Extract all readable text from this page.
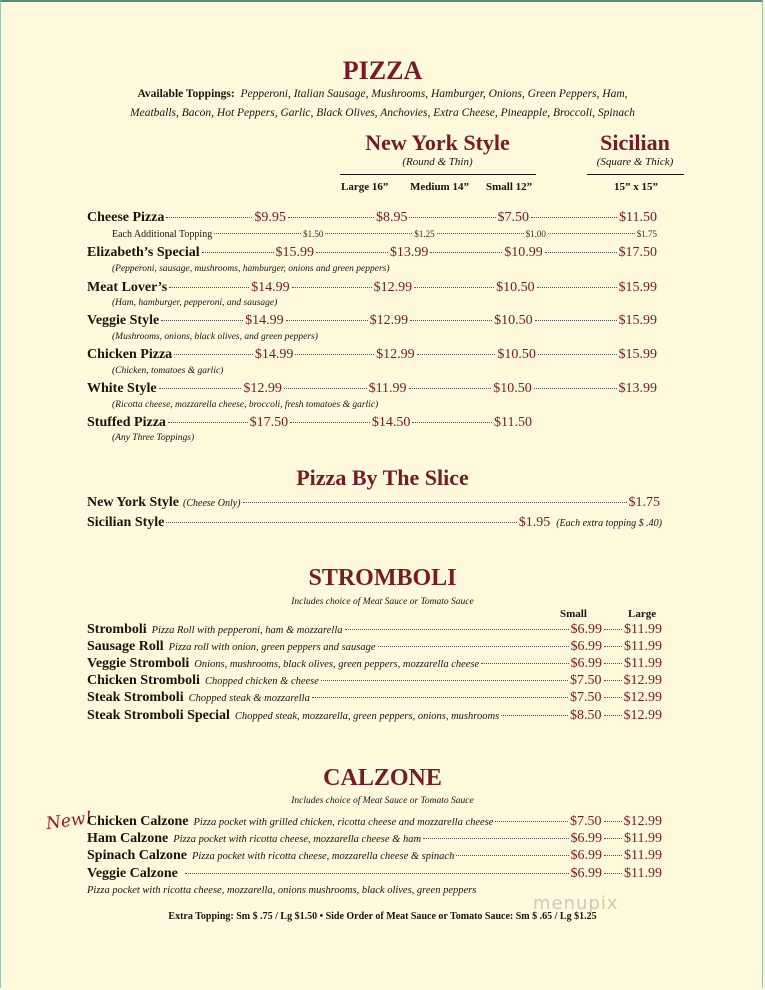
PIZZA
Available Toppings: Pepperoni, Italian Sausage, Mushrooms, Hamburger, Onions, Green Peppers, Ham,
Meatballs, Bacon, Hot Peppers, Garlic, Black Olives, Anchovies, Extra Cheese, Pineapple, Broccoli, Spinach
New York Style
(Round & Thin)
Sicilian
(Square & Thick)
Large 16” Medium 14” Small 12”	15” x 15”
Cheese Pizza	$9.95	$8.95	$7.50	$11.50
Each Additional Topping	$1.50	$1.25	$1.00	$1.75
Elizabeth’s Special	$15.99	$13.99	$10.99	$17.50
(Pepperoni, sausage, mushrooms, hamburger, onions and green peppers)
Meat Lover’s	$14.99	$12.99	$10.50	$15.99
(Ham, hamburger, pepperoni, and sausage)
Veggie Style	$14.99	$12.99	$10.50	$15.99
(Mushrooms, onions, black olives, and green peppers)
Chicken Pizza	$14.99	$12.99	$10.50	$15.99
(Chicken, tomatoes & garlic)
White Style	$12.99	$11.99	$10.50	$13.99
(Ricotta cheese, mozzarella cheese, broccoli, fresh tomatoes & garlic)
Stuffed Pizza	$17.50	$14.50	$11.50
(Any Three Toppings)
Pizza By The Slice
New York Style (Cheese Only)	$1.75
Sicilian Style	$1.95 (Each extra topping $ .40)
STROMBOLI
Includes choice of Meat Sauce or Tomato Sauce
Small	Large
Stromboli Pizza Roll with pepperoni, ham & mozzarella	$6.99 $11.99
Sausage Roll Pizza roll with onion, green peppers and sausage	$6.99 $11.99
Veggie Stromboli Onions, mushrooms, black olives, green peppers, mozzarella cheese	$6.99 $11.99
Chicken Stromboli Chopped chicken & cheese	$7.50 $12.99
Steak Stromboli Chopped steak & mozzarella	$7.50 $12.99
Steak Stromboli Special Chopped steak, mozzarella, green peppers, onions, mushrooms	$8.50 $12.99
CALZONE
Includes choice of Meat Sauce or Tomato Sauce
New!
Chicken Calzone Pizza pocket with grilled chicken, ricotta cheese and mozzarella cheese	$7.50 $12.99
Ham Calzone Pizza pocket with ricotta cheese, mozzarella cheese & ham	$6.99 $11.99
Spinach Calzone Pizza pocket with ricotta cheese, mozzarella cheese & spinach	$6.99 $11.99
Veggie Calzone	$6.99 $11.99
Pizza pocket with ricotta cheese, mozzarella, onions mushrooms, black olives, green peppers
menupix
Extra Topping: Sm $ .75 / Lg $1.50 • Side Order of Meat Sauce or Tomato Sauce: Sm $ .65 / Lg $1.25
